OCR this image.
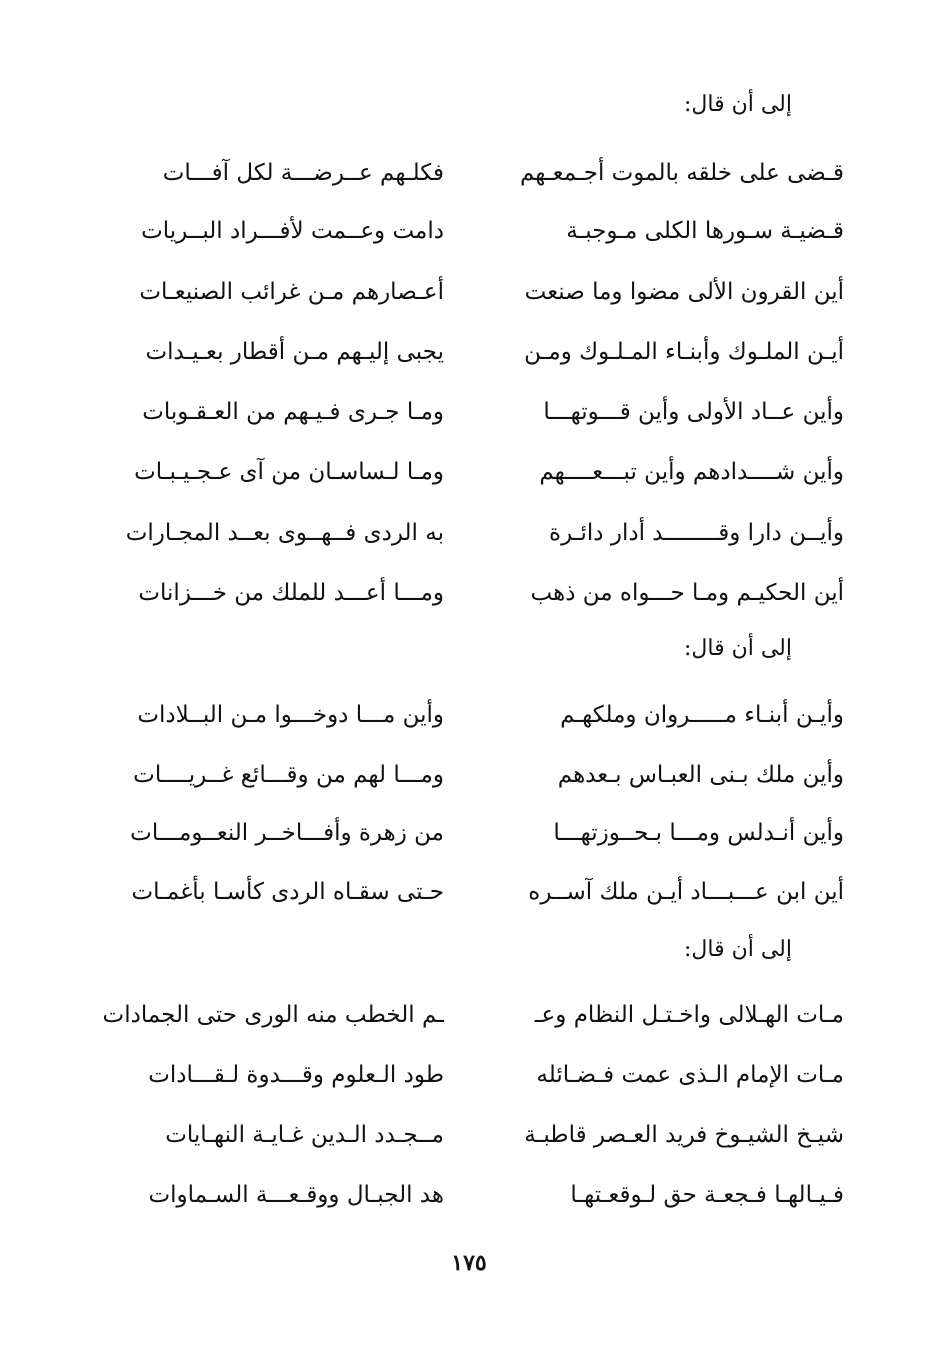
إلى أن قال:
قـضى على خلقه بالموت أجـمعـهم
فكلـهم عــرضـــة لكل آفـــات
قـضيـة سـورها الكلى مـوجبـة
دامت وعــمت لأفـــراد البــريات
أين القرون الألى مضوا وما صنعت
أعـصارهم مـن غرائب الصنيعـات
أيـن الملـوك وأبنـاء المـلـوك ومـن
يجبى إليـهم مـن أقطار بعـيـدات
وأين عــاد الأولى وأين قـــوتهـــا
ومـا جـرى فـيـهم من العـقـوبات
وأين شــــدادهم وأين تبـــعــــهم
ومـا لـساسـان من آى عـجـيـبـات
وأيــن دارا وقــــــــد أدار دائـرة
به الردى فــهــوى بعــد المجـارات
أين الحكيـم ومـا حـــواه من ذهب
ومـــا أعـــد للملك من خـــزانات
إلى أن قال:
وأيـن أبنـاء مـــــروان وملكهـم
وأين مـــا دوخـــوا مـن البــلادات
وأين ملك بـنى العبـاس بـعدهم
ومـــا لهم من وقـــائع غــريــــات
وأين أنـدلس ومـــا بـحــوزتهـــا
من زهرة وأفـــاخــر النعــومـــات
أين ابن عـــبـــاد أيـن ملك آســره
حـتى سقـاه الردى كأسـا بأغمـات
إلى أن قال:
مـات الهـلالى واخـتـل النظام وعـ
ـم الخطب منه الورى حتى الجمادات
مـات الإمام الـذى عمت فـضـائله
طود الـعلوم وقـــدوة لـقـــادات
شيـخ الشيـوخ فريد العـصر قاطبـة
مــجـدد الـدين غـايـة النهـايات
فـيـالهـا فـجعـة حق لـوقعـتهـا
هد الجبـال ووقـعـــة السـماوات
١٧٥
